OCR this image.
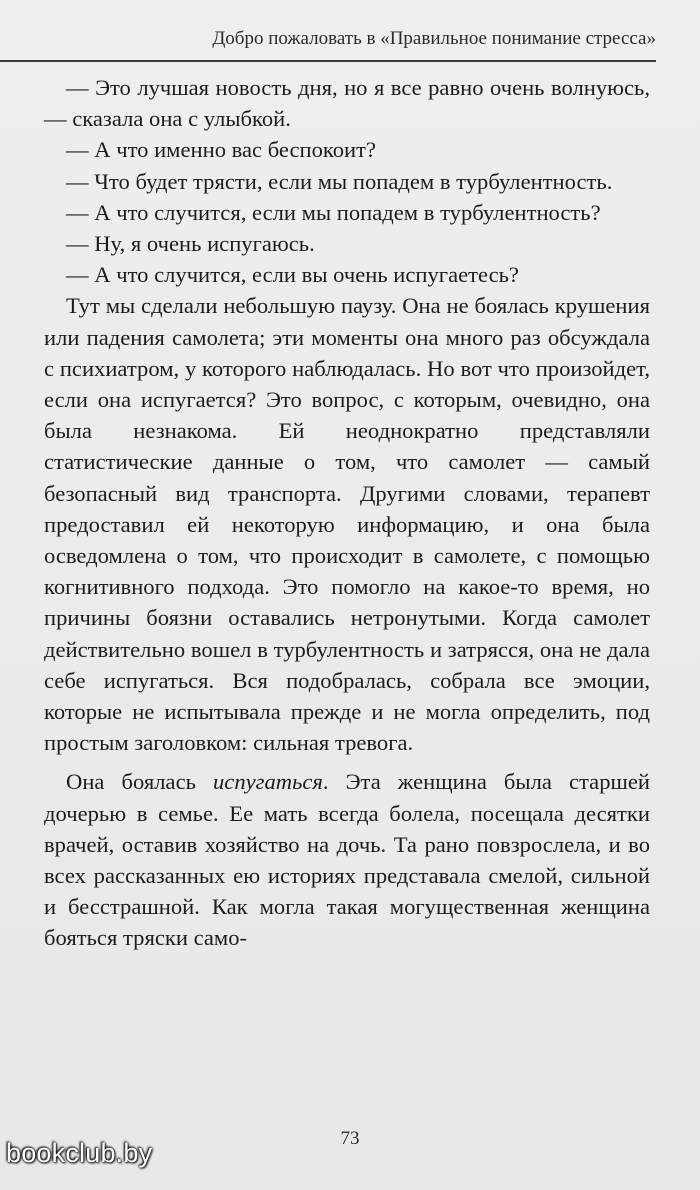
Добро пожаловать в «Правильное понимание стресса»

— Это лучшая новость дня, но я все равно очень волнуюсь, — сказала она с улыбкой.

— А что именно вас беспокоит?

— Что будет трясти, если мы попадем в турбулентность.

— А что случится, если мы попадем в турбулентность?

— Ну, я очень испугаюсь.

— А что случится, если вы очень испугаетесь?

Тут мы сделали небольшую паузу. Она не боялась крушения или падения самолета; эти моменты она много раз обсуждала с психиатром, у которого наблюдалась. Но вот что произойдет, если она испугается? Это вопрос, с которым, очевидно, она была незнакома. Ей неоднократно представляли статистические данные о том, что самолет — самый безопасный вид транспорта. Другими словами, терапевт предоставил ей некоторую информацию, и она была осведомлена о том, что происходит в самолете, с помощью когнитивного подхода. Это помогло на какое-то время, но причины боязни оставались нетронутыми. Когда самолет действительно вошел в турбулентность и затрясся, она не дала себе испугаться. Вся подобралась, собрала все эмоции, которые не испытывала прежде и не могла определить, под простым заголовком: сильная тревога.

Она боялась испугаться. Эта женщина была старшей дочерью в семье. Ее мать всегда болела, посещала десятки врачей, оставив хозяйство на дочь. Та рано повзрослела, и во всех рассказанных ею историях представала смелой, сильной и бесстрашной. Как могла такая могущественная женщина бояться тряски само-

73
bookclub.by
